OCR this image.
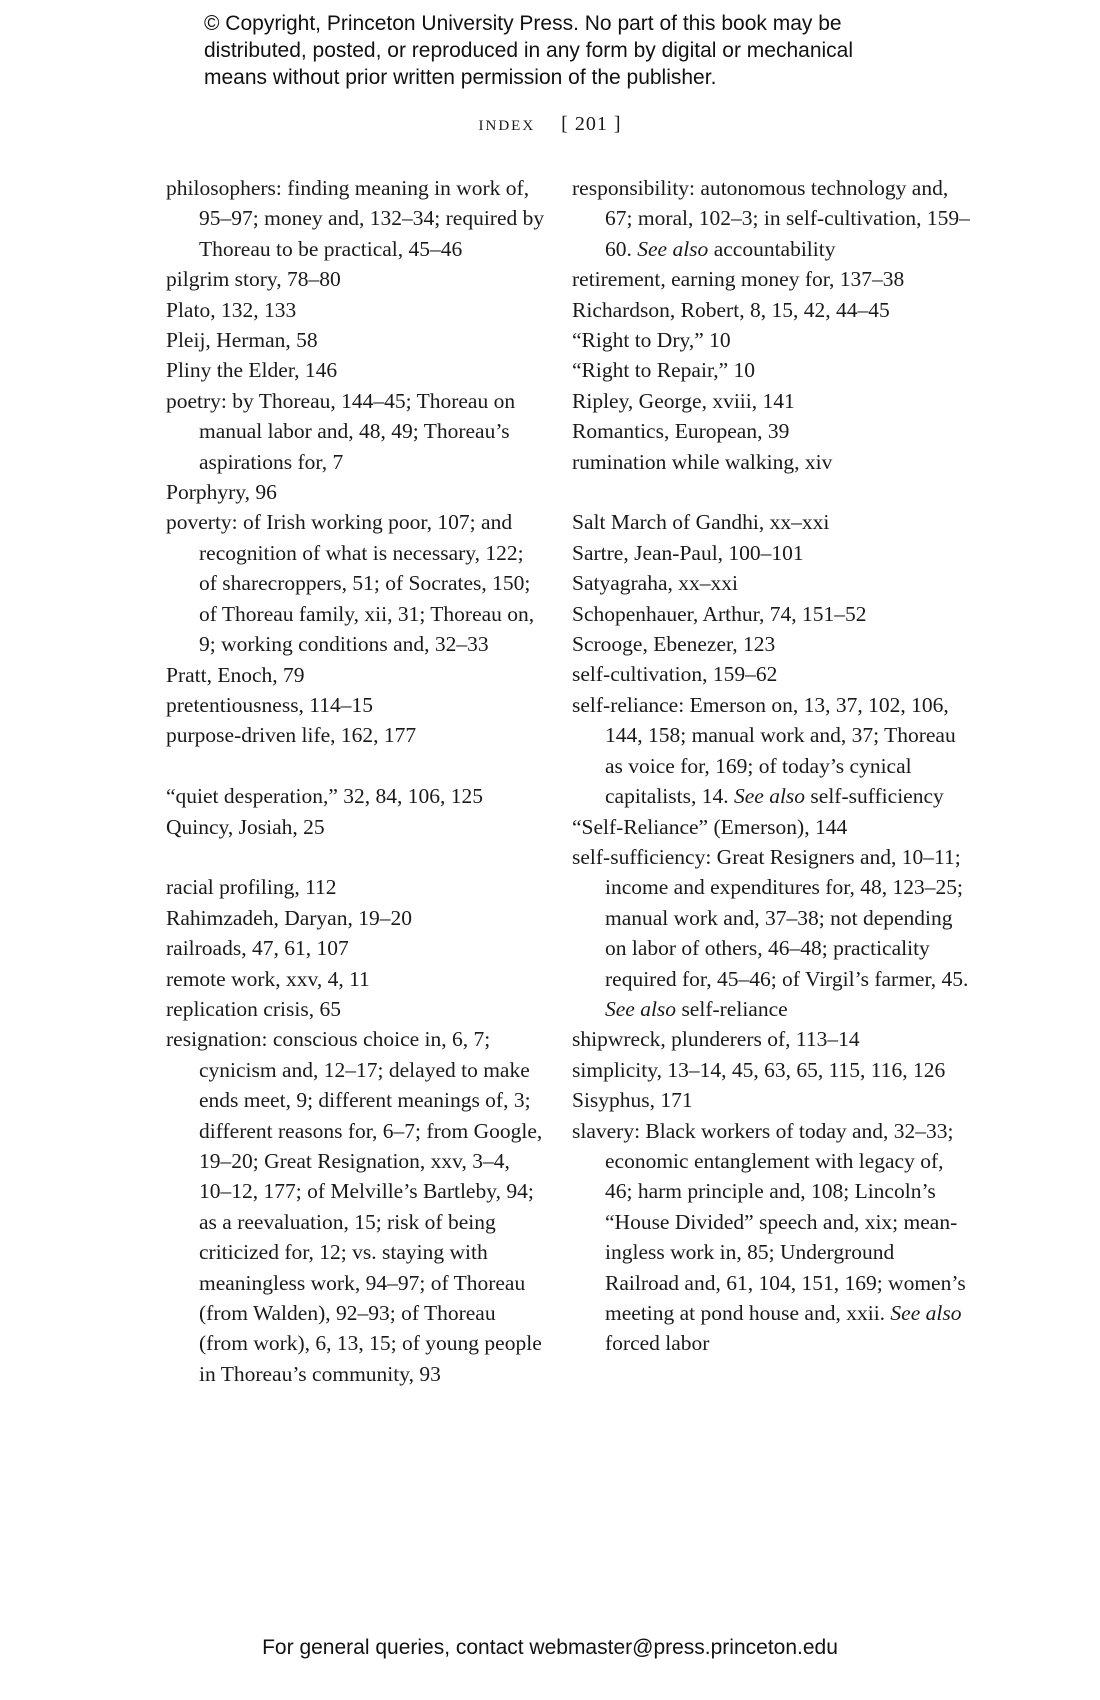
© Copyright, Princeton University Press. No part of this book may be
distributed, posted, or reproduced in any form by digital or mechanical
means without prior written permission of the publisher.
index [ 201 ]

philosophers: finding meaning in work of, 95–97; money and, 132–34; required by Thoreau to be practical, 45–46

pilgrim story, 78–80

Plato, 132, 133

Pleij, Herman, 58

Pliny the Elder, 146

poetry: by Thoreau, 144–45; Thoreau on manual labor and, 48, 49; Thoreau’s aspirations for, 7

Porphyry, 96

poverty: of Irish working poor, 107; and recognition of what is necessary, 122; of sharecroppers, 51; of Socrates, 150; of Thoreau family, xii, 31; Thoreau on, 9; working conditions and, 32–33

Pratt, Enoch, 79

pretentiousness, 114–15

purpose-driven life, 162, 177

“quiet desperation,” 32, 84, 106, 125

Quincy, Josiah, 25

racial profiling, 112

Rahimzadeh, Daryan, 19–20

railroads, 47, 61, 107

remote work, xxv, 4, 11

replication crisis, 65

resignation: conscious choice in, 6, 7; cynicism and, 12–17; delayed to make ends meet, 9; different meanings of, 3; different reasons for, 6–7; from Google, 19–20; Great Resignation, xxv, 3–4, 10–12, 177; of Melville’s Bartleby, 94; as a reevaluation, 15; risk of being criticized for, 12; vs. staying with meaningless work, 94–97; of Thoreau (from Walden), 92–93; of Thoreau (from work), 6, 13, 15; of young people in Thoreau’s community, 93

responsibility: autonomous technology and, 67; moral, 102–3; in self-cultivation, 159–60. See also accountability

retirement, earning money for, 137–38

Richardson, Robert, 8, 15, 42, 44–45

“Right to Dry,” 10

“Right to Repair,” 10

Ripley, George, xviii, 141

Romantics, European, 39

rumination while walking, xiv

Salt March of Gandhi, xx–xxi

Sartre, Jean-Paul, 100–101

Satyagraha, xx–xxi

Schopenhauer, Arthur, 74, 151–52

Scrooge, Ebenezer, 123

self-cultivation, 159–62

self-reliance: Emerson on, 13, 37, 102, 106, 144, 158; manual work and, 37; Thoreau as voice for, 169; of today’s cynical capitalists, 14. See also self-sufficiency

“Self-Reliance” (Emerson), 144

self-sufficiency: Great Resigners and, 10–11; income and expenditures for, 48, 123–25; manual work and, 37–38; not depending on labor of others, 46–48; practicality required for, 45–46; of Virgil’s farmer, 45. See also self-reliance

shipwreck, plunderers of, 113–14

simplicity, 13–14, 45, 63, 65, 115, 116, 126

Sisyphus, 171

slavery: Black workers of today and, 32–33; economic entanglement with legacy of, 46; harm principle and, 108; Lincoln’s “House Divided” speech and, xix; meaningless work in, 85; Underground Railroad and, 61, 104, 151, 169; women’s meeting at pond house and, xxii. See also forced labor

For general queries, contact webmaster@press.princeton.edu
